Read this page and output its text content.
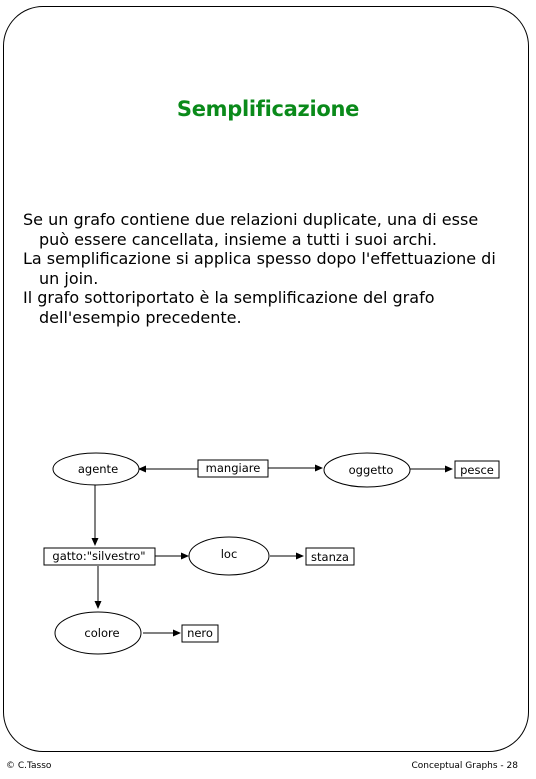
Semplificazione

Se un grafo contiene due relazioni duplicate, una di esse può essere cancellata, insieme a tutti i suoi archi.

La semplificazione si applica spesso dopo l'effettuazione di un join.

Il grafo sottoriportato è la semplificazione del grafo dell'esempio precedente.

agente	oggetto
loc
colore
mangiare	pesce
gatto:"silvestro"	stanza
nero
© C.Tasso	Conceptual Graphs - 28
